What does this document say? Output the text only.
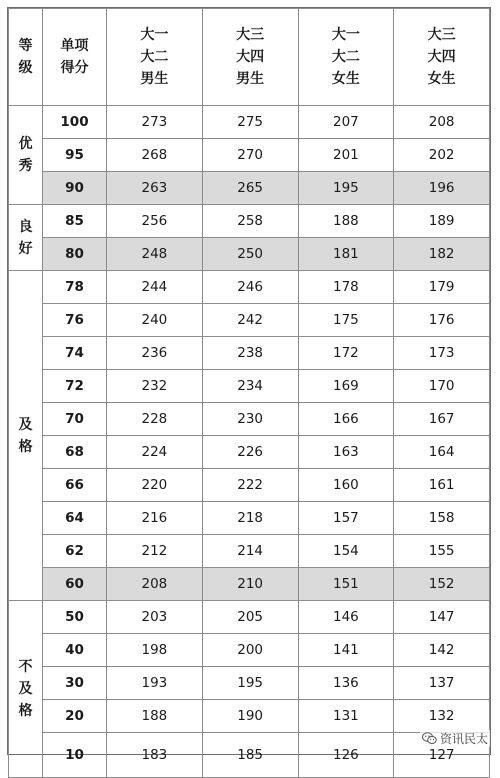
等
级	单项
得分	大一
大二
男生	大三
大四
男生	大一
大二
女生	大三
大四
女生

优
秀	100	273	275	207	208
	95	268	270	201	202
	90	263	265	195	196

良
好	85	256	258	188	189
	80	248	250	181	182

及
格	78	244	246	178	179
	76	240	242	175	176
	74	236	238	172	173
	72	232	234	169	170
	70	228	230	166	167
	68	224	226	163	164
	66	220	222	160	161
	64	216	218	157	158
	62	212	214	154	155
	60	208	210	151	152

不
及
格	50	203	205	146	147
	40	198	200	141	142
	30	193	195	136	137
	20	188	190	131	132
	10	183	185	126	127
资讯民太
